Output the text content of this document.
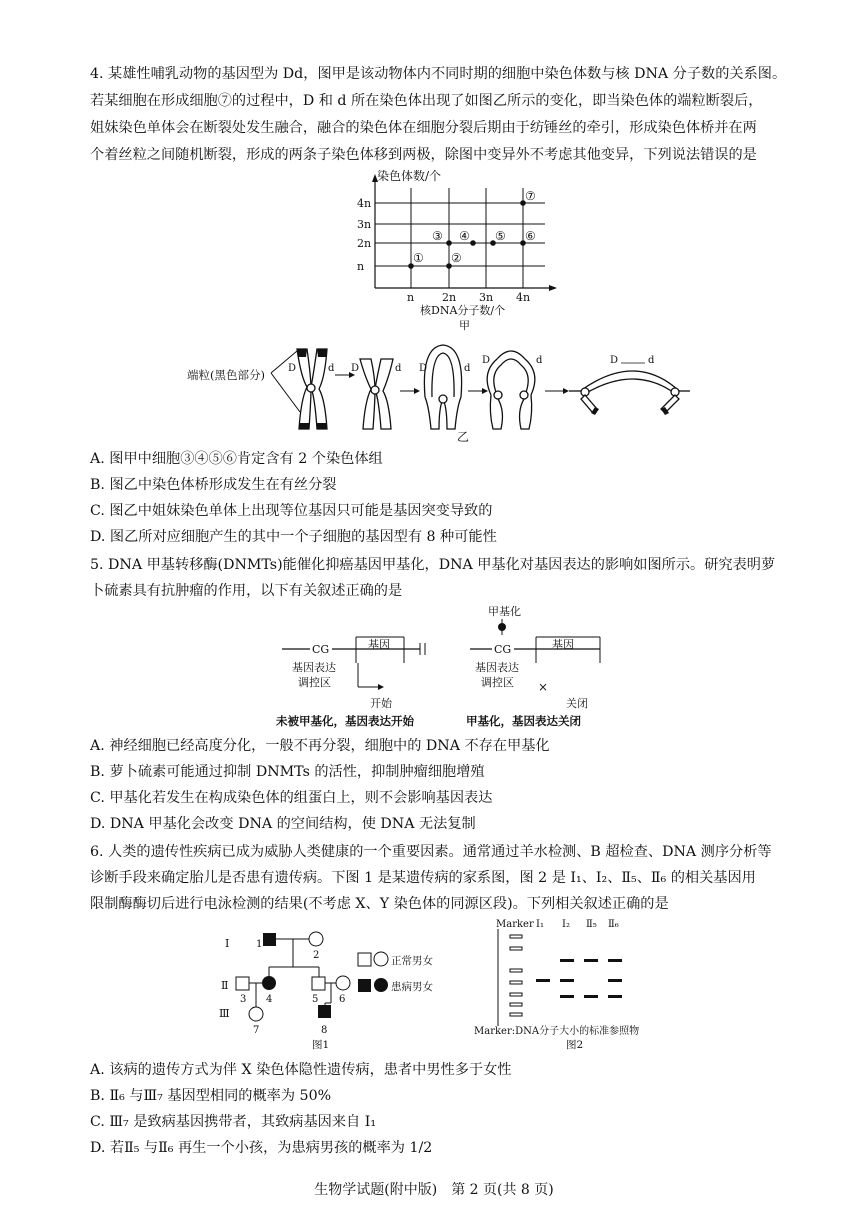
4. 某雄性哺乳动物的基因型为 Dd，图甲是该动物体内不同时期的细胞中染色体数与核 DNA 分子数的关系图。
若某细胞在形成细胞⑦的过程中，D 和 d 所在染色体出现了如图乙所示的变化，即当染色体的端粒断裂后，
姐妹染色单体会在断裂处发生融合，融合的染色体在细胞分裂后期由于纺锤丝的牵引，形成染色体桥并在两
个着丝粒之间随机断裂，形成的两条子染色体移到两极，除图中变异外不考虑其他变异，下列说法错误的是
染色体数/个
n
2n
3n
4n
n	2n 3n 4n
核DNA分子数/个
甲
① ②
③ ④ ⑤ ⑥
⑦
端粒(黑色部分) D	d D	d D	d
D	d
乙
D	d
A. 图甲中细胞③④⑤⑥肯定含有 2 个染色体组
B. 图乙中染色体桥形成发生在有丝分裂
C. 图乙中姐妹染色单体上出现等位基因只可能是基因突变导致的
D. 图乙所对应细胞产生的其中一个子细胞的基因型有 8 种可能性
5. DNA 甲基转移酶(DNMTs)能催化抑癌基因甲基化，DNA 甲基化对基因表达的影响如图所示。研究表明萝
卜硫素具有抗肿瘤的作用，以下有关叙述正确的是
CG	基因
基因表达
调控区
开始
未被甲基化，基因表达开始
甲基化
CG	基因
基因表达
调控区 ×
关闭
甲基化，基因表达关闭
A. 神经细胞已经高度分化，一般不再分裂，细胞中的 DNA 不存在甲基化
B. 萝卜硫素可能通过抑制 DNMTs 的活性，抑制肿瘤细胞增殖
C. 甲基化若发生在构成染色体的组蛋白上，则不会影响基因表达
D. DNA 甲基化会改变 DNA 的空间结构，使 DNA 无法复制
6. 人类的遗传性疾病已成为威胁人类健康的一个重要因素。通常通过羊水检测、B 超检查、DNA 测序分析等
诊断手段来确定胎儿是否患有遗传病。下图 1 是某遗传病的家系图，图 2 是 Ⅰ₁、Ⅰ₂、Ⅱ₅、Ⅱ₆ 的相关基因用
限制酶酶切后进行电泳检测的结果(不考虑 X、Y 染色体的同源区段)。下列相关叙述正确的是
Ⅰ
Ⅱ
Ⅲ
1
2
3 4	5 6
7	8
图1
正常男女
患病男女
Marker Ⅰ₁ Ⅰ₂ Ⅱ₅ Ⅱ₆
Marker:DNA分子大小的标准参照物
图2
A. 该病的遗传方式为伴 X 染色体隐性遗传病，患者中男性多于女性
B. Ⅱ₆ 与Ⅲ₇ 基因型相同的概率为 50%
C. Ⅲ₇ 是致病基因携带者，其致病基因来自 Ⅰ₁
D. 若Ⅱ₅ 与Ⅱ₆ 再生一个小孩，为患病男孩的概率为 1/2
生物学试题(附中版)　第 2 页(共 8 页)
